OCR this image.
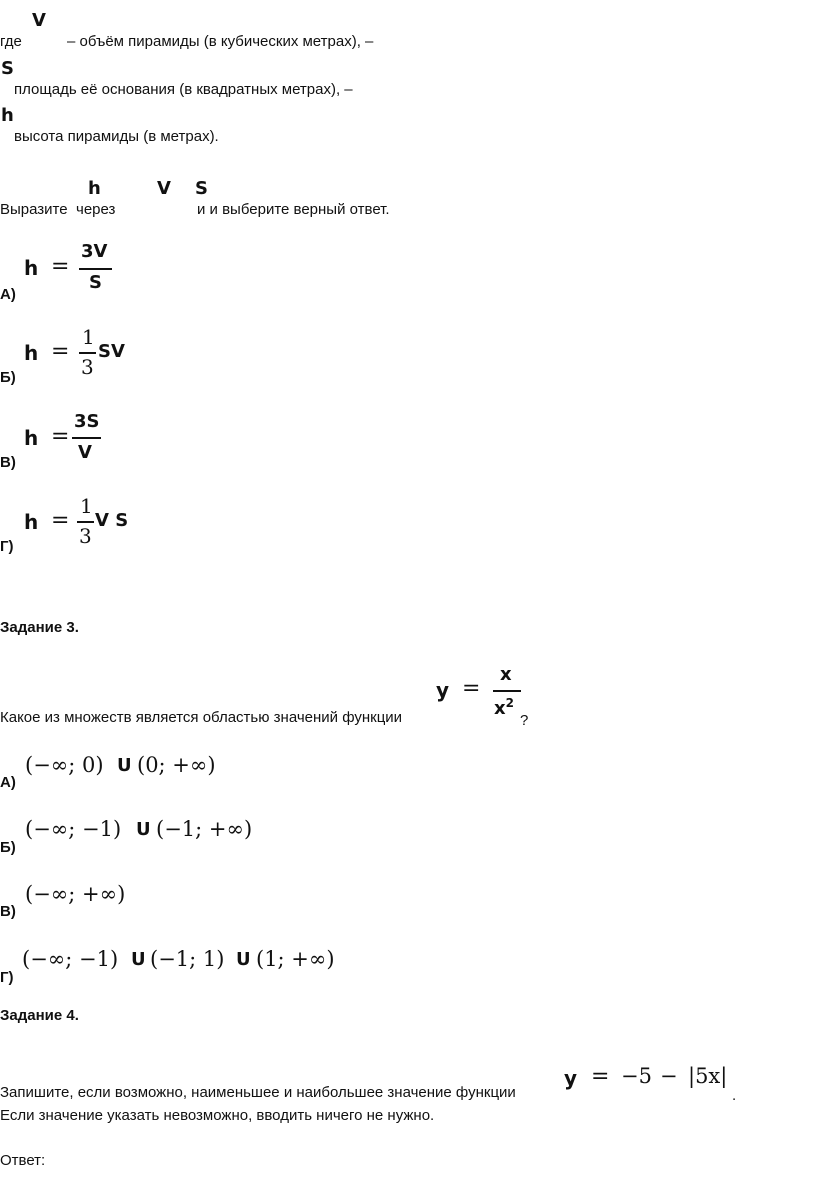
V
где	– объём пирамиды (в кубических метрах), –
S
площадь её основания (в квадратных метрах), –
h
высота пирамиды (в метрах).
h	V S
Выразите через	и и выберите верный ответ.
h =
3V
S
А)
h =
1
3
SV
Б)
h =
3S
V
В)
h =
1
3
V S
Г)
Задание 3.
Какое из множеств является областью значений функции
y =
x
$x^2$
?
(−∞; 0) U (0; +∞)
А)
(−∞; −1) U (−1; +∞)
Б)
(−∞; +∞)
В)
(−∞; −1) U (−1; 1) U (1; +∞)
Г)
Задание 4.
Запишите, если возможно, наименьшее и наибольшее значение функции
y = −5 − |5x|
.
Если значение указать невозможно, вводить ничего не нужно.
Ответ:
